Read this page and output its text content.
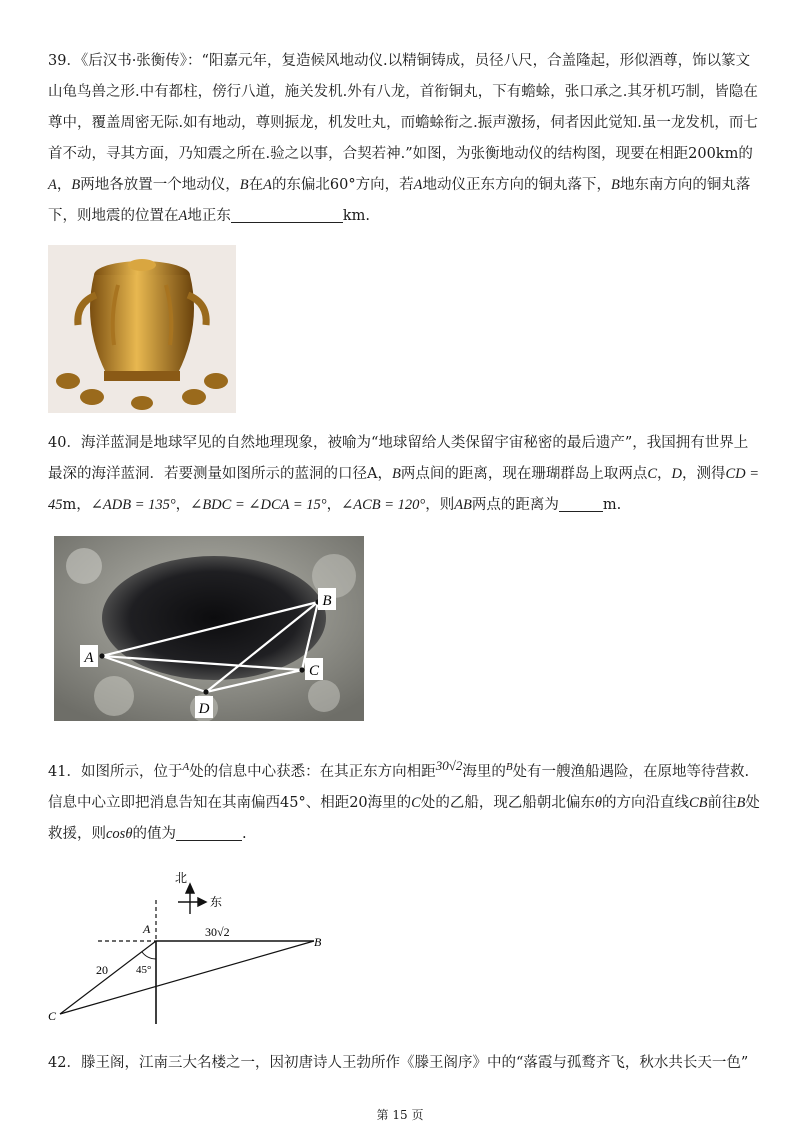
39．《后汉书·张衡传》：“阳嘉元年，复造候风地动仪.以精铜铸成，员径八尺，合盖隆起，形似酒尊，饰以篆文山龟鸟兽之形.中有都柱，傍行八道，施关发机.外有八龙，首衔铜丸，下有蟾蜍，张口承之.其牙机巧制，皆隐在尊中，覆盖周密无际.如有地动，尊则振龙，机发吐丸，而蟾蜍衔之.振声激扬，伺者因此觉知.虽一龙发机，而七首不动，寻其方面，乃知震之所在.验之以事，合契若神.”如图，为张衡地动仪的结构图，现要在相距200km的A，B两地各放置一个地动仪，B在A的东偏北60°方向，若A地动仪正东方向的铜丸落下，B地东南方向的铜丸落下，则地震的位置在A地正东	km.

40．海洋蓝洞是地球罕见的自然地理现象，被喻为“地球留给人类保留宇宙秘密的最后遗产”，我国拥有世界上最深的海洋蓝洞．若要测量如图所示的蓝洞的口径A，B两点间的距离，现在珊瑚群岛上取两点C，D，测得CD = 45m，∠ADB = 135°，∠BDC = ∠DCA = 15°，∠ACB = 120°，则AB两点的距离为	m.

A
B
C
D

41．如图所示，位于$^A$处的信息中心获悉：在其正东方向相距$^{30√2}$海里的$^B$处有一艘渔船遇险，在原地等待营救.信息中心立即把消息告知在其南偏西45°、相距20海里的C处的乙船，现乙船朝北偏东θ的方向沿直线CB前往B处救援，则cosθ的值为	.

北
东
A
B
C
30√2
20	45°

42．滕王阁，江南三大名楼之一，因初唐诗人王勃所作《滕王阁序》中的“落霞与孤鹜齐飞，秋水共长天一色”

第 15 页
